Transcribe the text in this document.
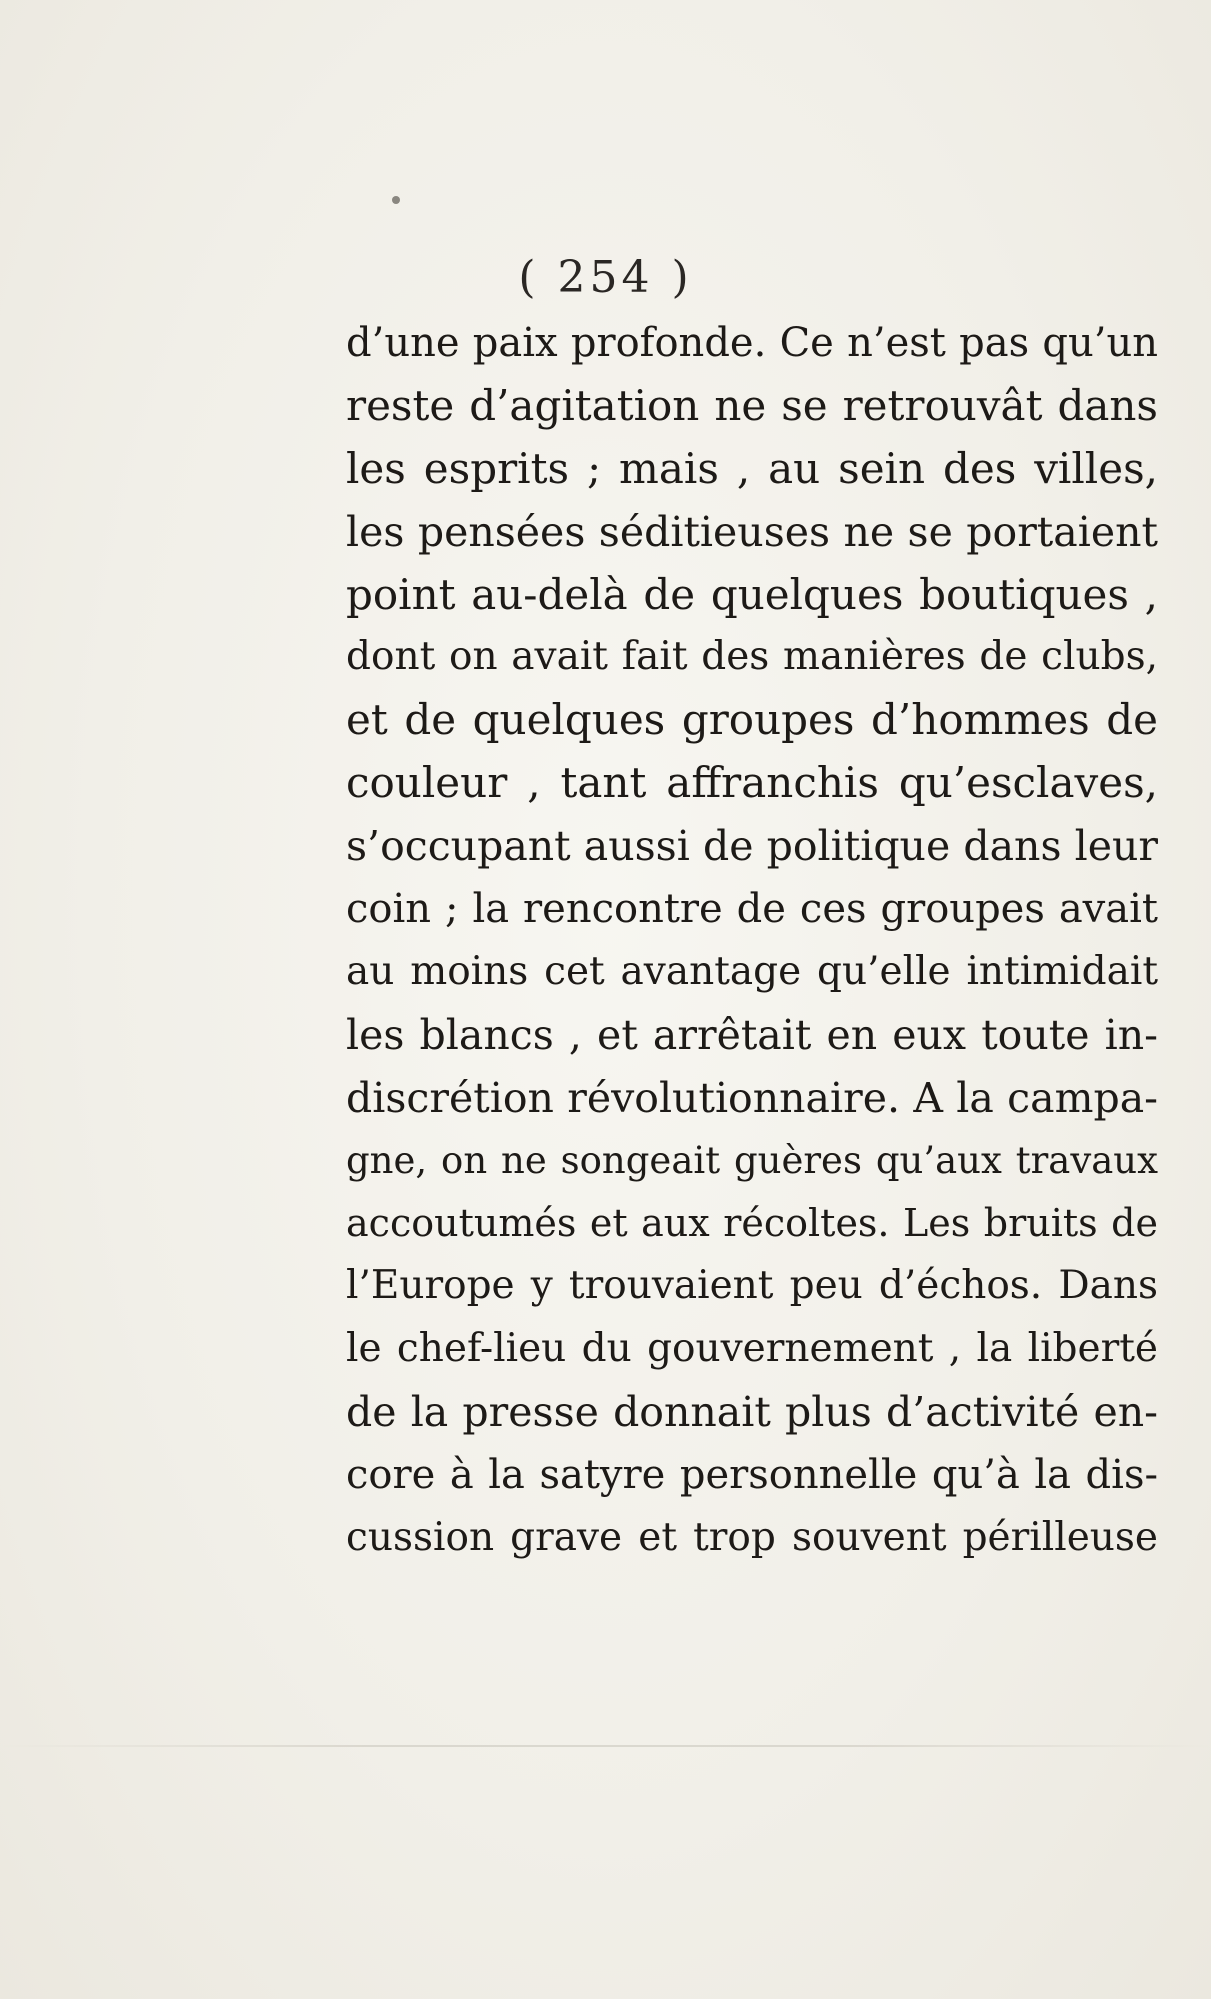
( 254 )

d’une paix profonde. Ce n’est pas qu’un
reste d’agitation ne se retrouvât dans
les esprits ; mais , au sein des villes,
les pensées séditieuses ne se portaient
point au-delà de quelques boutiques ,
dont on avait fait des manières de clubs,
et de quelques groupes d’hommes de
couleur , tant affranchis qu’esclaves,
s’occupant aussi de politique dans leur
coin ; la rencontre de ces groupes avait
au moins cet avantage qu’elle intimidait
les blancs , et arrêtait en eux toute in-
discrétion révolutionnaire. A la campa-
gne, on ne songeait guères qu’aux travaux
accoutumés et aux récoltes. Les bruits de
l’Europe y trouvaient peu d’échos. Dans
le chef-lieu du gouvernement , la liberté
de la presse donnait plus d’activité en-
core à la satyre personnelle qu’à la dis-
cussion grave et trop souvent périlleuse
